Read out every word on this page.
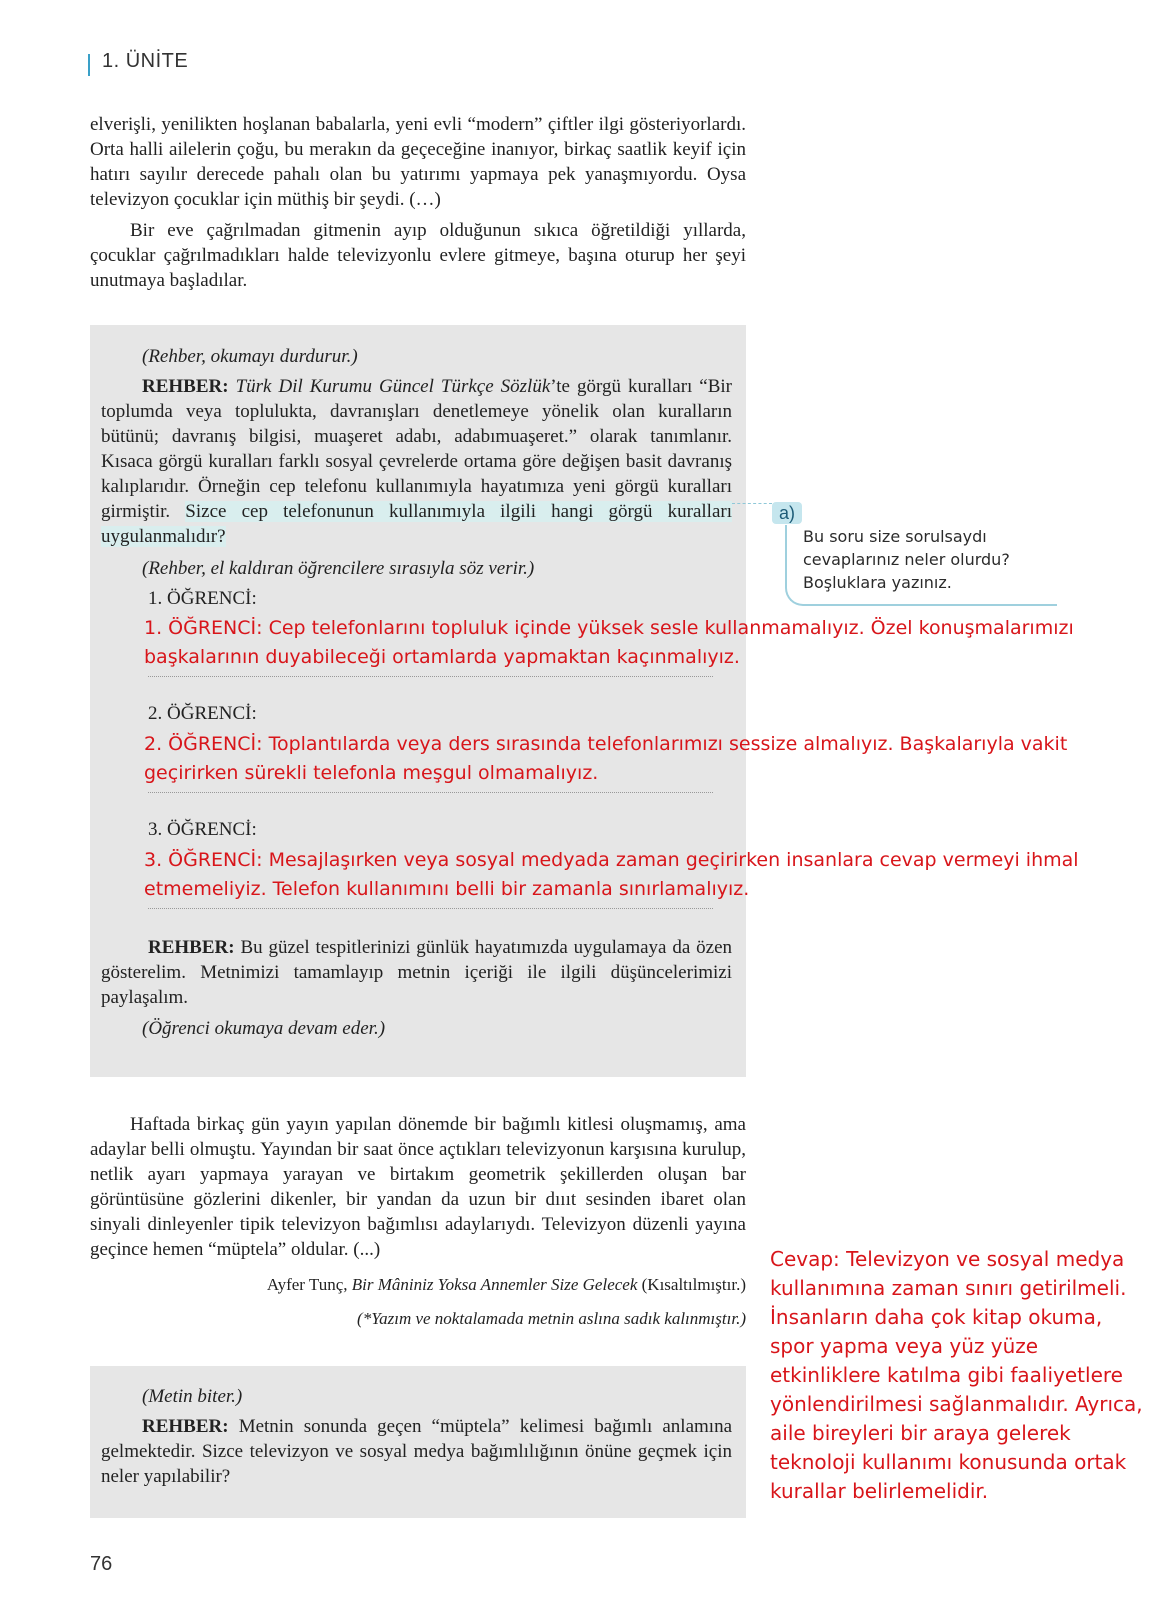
1. ÜNİTE
elverişli, yenilikten hoşlanan babalarla, yeni evli “modern” çiftler ilgi gösteriyorlardı. Orta halli ailelerin çoğu, bu merakın da geçeceğine inanıyor, birkaç saatlik keyif için hatırı sayılır derecede pahalı olan bu yatırımı yapmaya pek yanaşmıyordu. Oysa televizyon çocuklar için müthiş bir şeydi. (…)
Bir eve çağrılmadan gitmenin ayıp olduğunun sıkıca öğretildiği yıllarda, çocuklar çağrılmadıkları halde televizyonlu evlere gitmeye, başına oturup her şeyi unutmaya başladılar.
(Rehber, okumayı durdurur.)
REHBER: Türk Dil Kurumu Güncel Türkçe Sözlük’te görgü kuralları “Bir toplumda veya toplulukta, davranışları denetlemeye yönelik olan kuralların bütünü; davranış bilgisi, muaşeret adabı, adabımuaşeret.” olarak tanımlanır. Kısaca görgü kuralları farklı sosyal çevrelerde ortama göre değişen basit davranış kalıplarıdır. Örneğin cep telefonu kullanımıyla hayatımıza yeni görgü kuralları girmiştir. Sizce cep telefonunun kullanımıyla ilgili hangi görgü kuralları uygulanmalıdır?
(Rehber, el kaldıran öğrencilere sırasıyla söz verir.)
1. ÖĞRENCİ:
1. ÖĞRENCİ: Cep telefonlarını topluluk içinde yüksek sesle kullanmamalıyız. Özel konuşmalarımızı başkalarının duyabileceği ortamlarda yapmaktan kaçınmalıyız.
2. ÖĞRENCİ:
2. ÖĞRENCİ: Toplantılarda veya ders sırasında telefonlarımızı sessize almalıyız. Başkalarıyla vakit geçirirken sürekli telefonla meşgul olmamalıyız.
3. ÖĞRENCİ:
3. ÖĞRENCİ: Mesajlaşırken veya sosyal medyada zaman geçirirken insanlara cevap vermeyi ihmal etmemeliyiz. Telefon kullanımını belli bir zamanla sınırlamalıyız.
REHBER: Bu güzel tespitlerinizi günlük hayatımızda uygulamaya da özen gösterelim. Metnimizi tamamlayıp metnin içeriği ile ilgili düşüncelerimizi paylaşalım.
(Öğrenci okumaya devam eder.)
a)
Bu soru size sorulsaydı cevaplarınız neler olurdu? Boşluklara yazınız.
Haftada birkaç gün yayın yapılan dönemde bir bağımlı kitlesi oluşmamış, ama adaylar belli olmuştu. Yayından bir saat önce açtıkları televizyonun karşısına kurulup, netlik ayarı yapmaya yarayan ve birtakım geometrik şekillerden oluşan bar görüntüsüne gözlerini dikenler, bir yandan da uzun bir dıııt sesinden ibaret olan sinyali dinleyenler tipik televizyon bağımlısı adaylarıydı. Televizyon düzenli yayına geçince hemen “müptela” oldular. (...)
Ayfer Tunç, Bir Mâniniz Yoksa Annemler Size Gelecek (Kısaltılmıştır.)
(*Yazım ve noktalamada metnin aslına sadık kalınmıştır.)
(Metin biter.)
REHBER: Metnin sonunda geçen “müptela” kelimesi bağımlı anlamına gelmektedir. Sizce televizyon ve sosyal medya bağımlılığının önüne geçmek için neler yapılabilir?
Cevap: Televizyon ve sosyal medya kullanımına zaman sınırı getirilmeli. İnsanların daha çok kitap okuma, spor yapma veya yüz yüze etkinliklere katılma gibi faaliyetlere yönlendirilmesi sağlanmalıdır. Ayrıca, aile bireyleri bir araya gelerek teknoloji kullanımı konusunda ortak kurallar belirlemelidir.
76
